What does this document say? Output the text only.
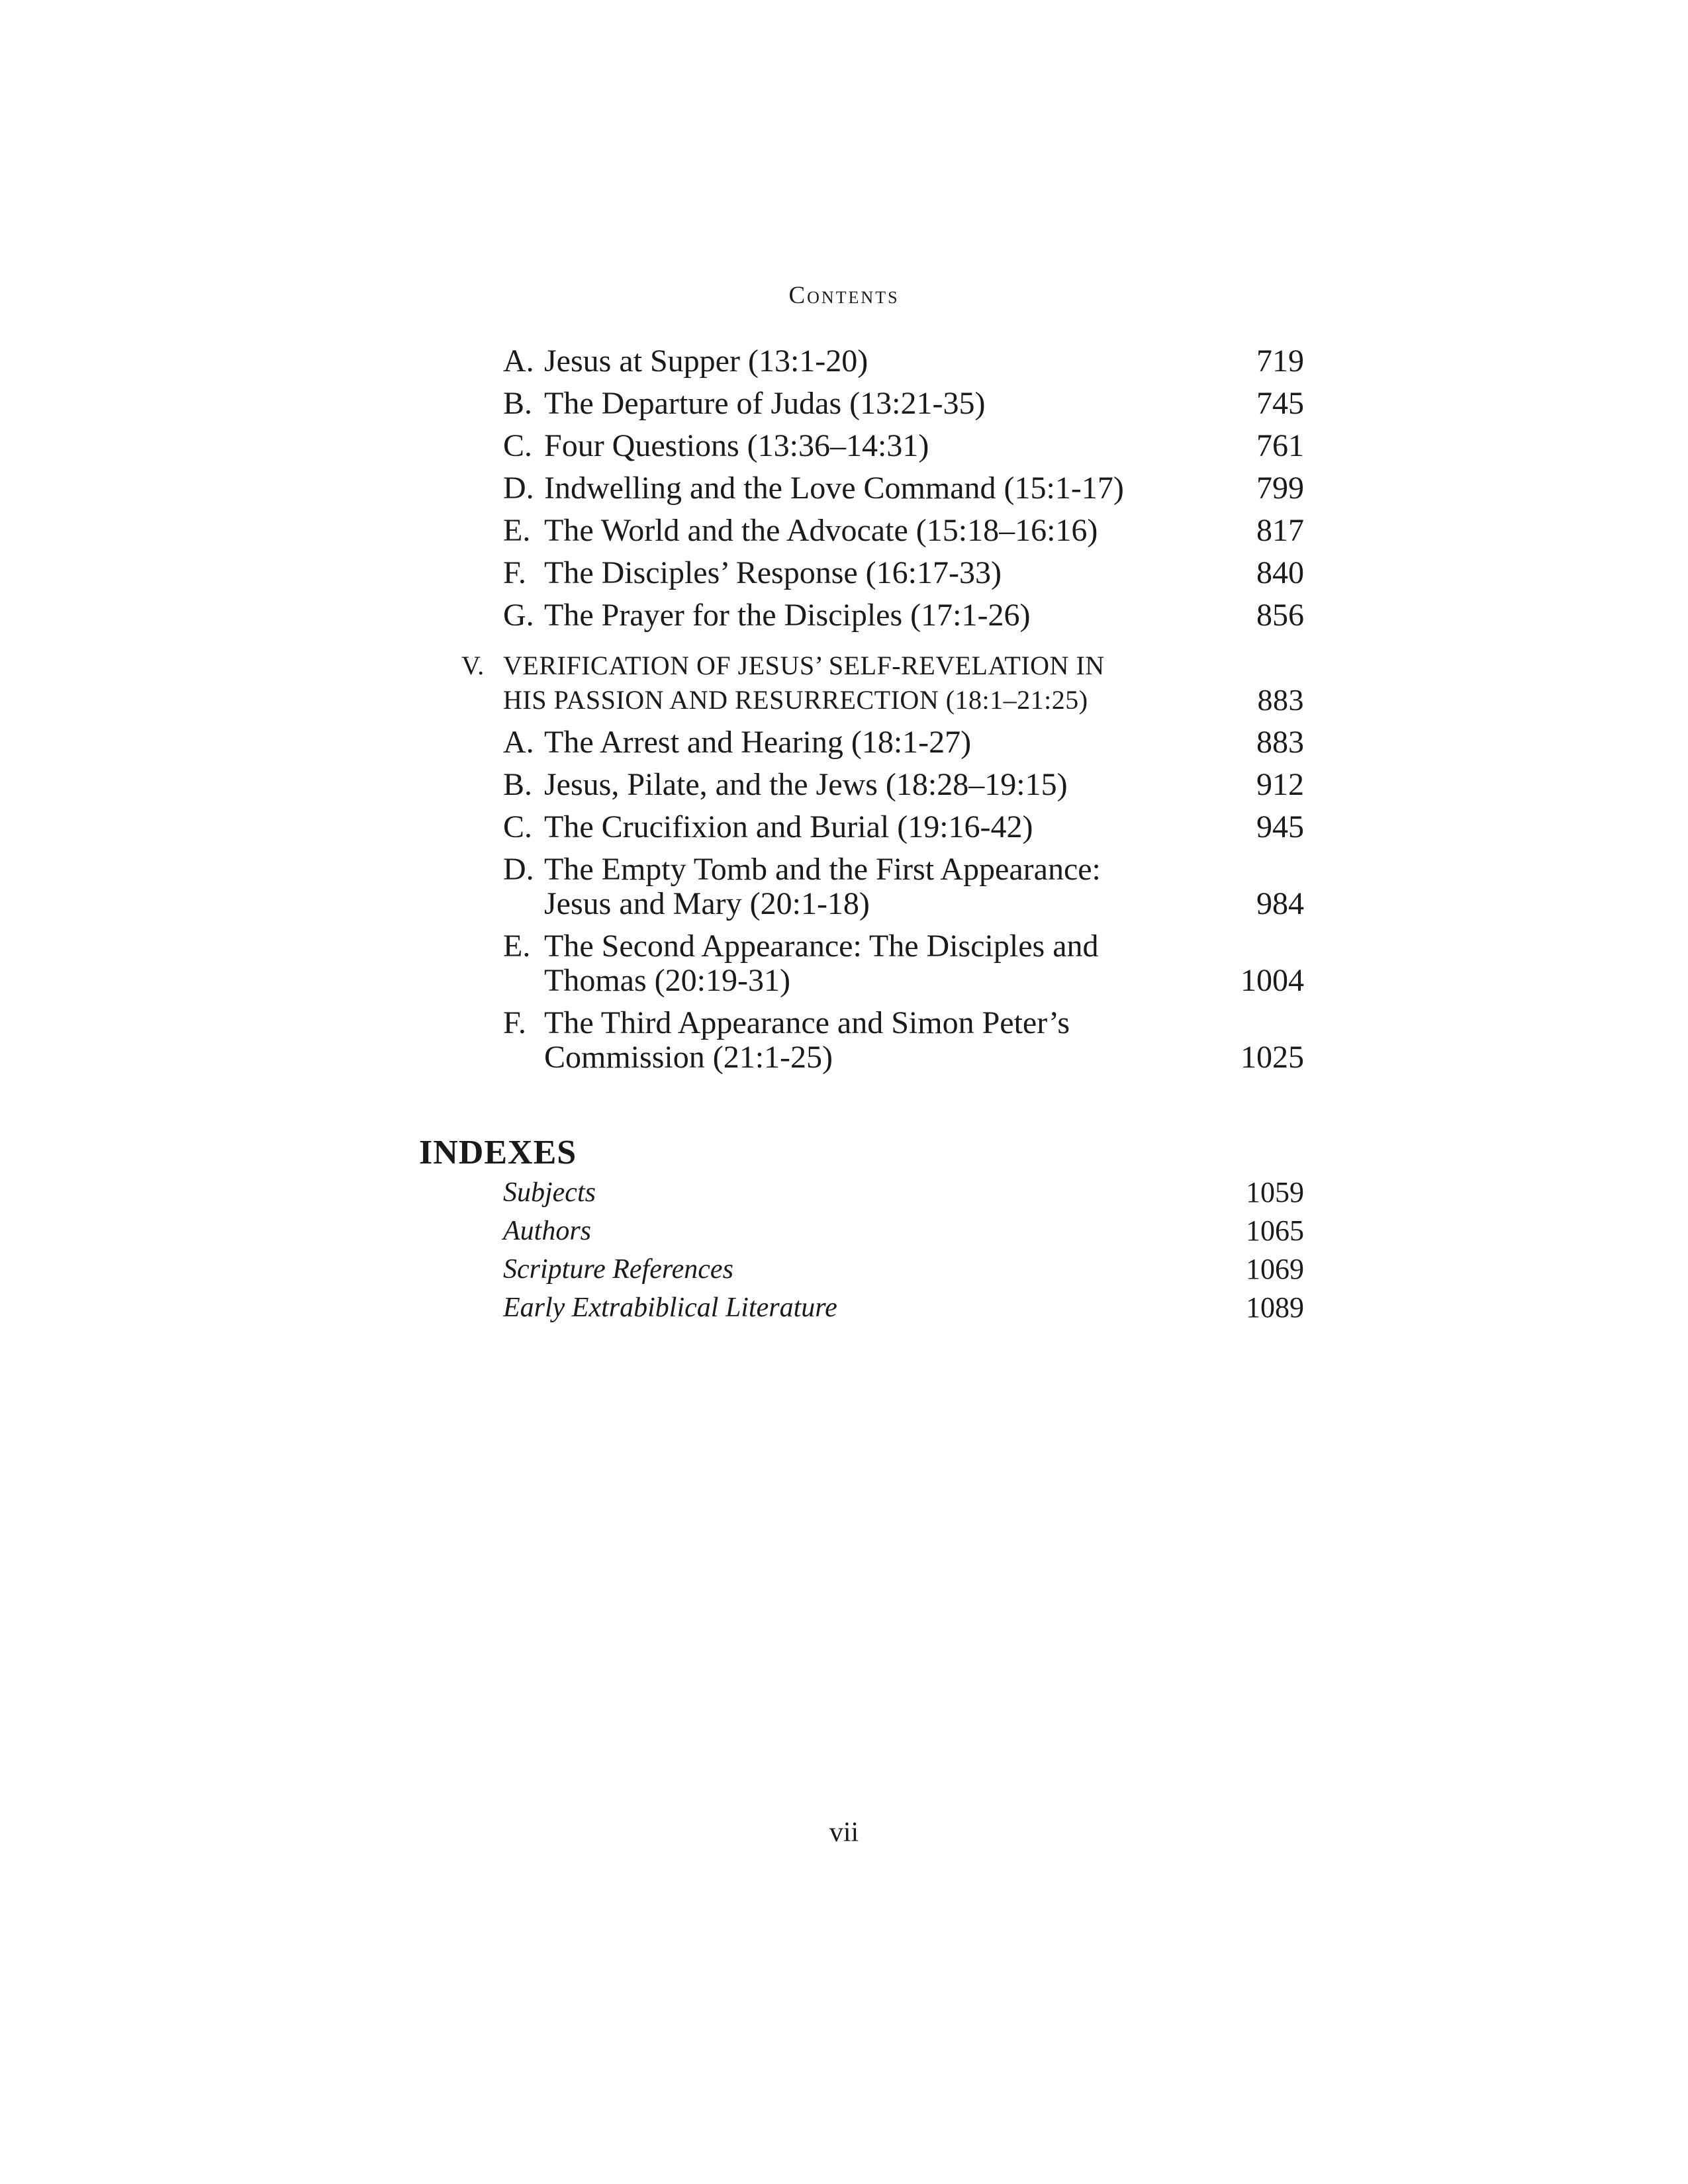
Contents
A. Jesus at Supper (13:1-20)	719
B. The Departure of Judas (13:21-35)	745
C. Four Questions (13:36–14:31)	761
D. Indwelling and the Love Command (15:1-17)	799
E. The World and the Advocate (15:18–16:16)	817
F. The Disciples’ Response (16:17-33)	840
G. The Prayer for the Disciples (17:1-26)	856
V. VERIFICATION OF JESUS’ SELF-REVELATION IN
HIS PASSION AND RESURRECTION (18:1–21:25)	883
A. The Arrest and Hearing (18:1-27)	883
B. Jesus, Pilate, and the Jews (18:28–19:15)	912
C. The Crucifixion and Burial (19:16-42)	945
D. The Empty Tomb and the First Appearance:
Jesus and Mary (20:1-18)	984
E. The Second Appearance: The Disciples and
Thomas (20:19-31)	1004
F. The Third Appearance and Simon Peter’s
Commission (21:1-25)	1025
INDEXES
Subjects	1059
Authors	1065
Scripture References	1069
Early Extrabiblical Literature	1089
vii
